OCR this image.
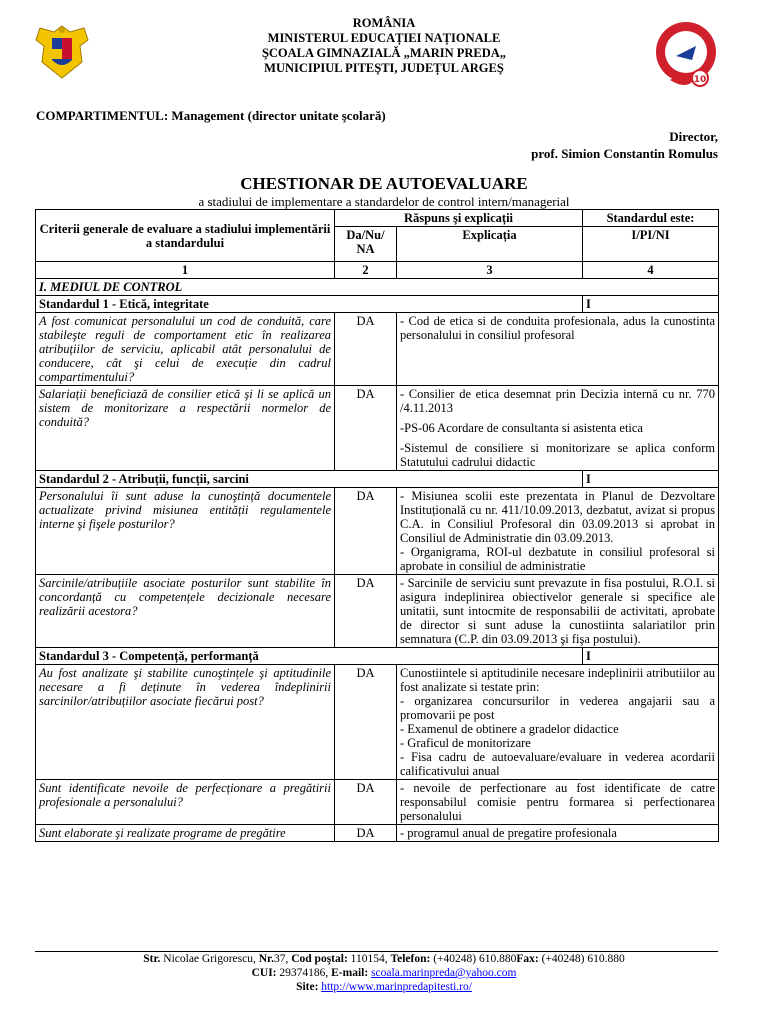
ROMÂNIA
MINISTERUL EDUCAȚIEI NAȚIONALE
ŞCOALA GIMNAZIALĂ „MARIN PREDA„
MUNICIPIUL PITEŞTI, JUDEȚUL ARGEŞ
10
COMPARTIMENTUL: Management (director unitate şcolară)
Director,
prof. Simion Constantin Romulus
CHESTIONAR DE AUTOEVALUARE
a stadiului de implementare a standardelor de control intern/managerial
Criterii generale de evaluare a stadiului implementării a standardului	Răspuns şi explicații		Standardul este:
	Da/Nu/ NA	Explicația	I/PI/NI
1	2	3	4
I. MEDIUL DE CONTROL			
Standardul 1 - Etică, integritate			I
A fost comunicat personalului un cod de conduită, care stabileşte reguli de comportament etic în realizarea atribuțiilor de serviciu, aplicabil atât personalului de conducere, cât şi celui de execuție din cadrul compartimentului?	DA	- Cod de etica si de conduita profesionala, adus la cunostinta personalului in consiliul profesoral	
Salariații beneficiază de consilier etică şi li se aplică un sistem de monitorizare a respectării normelor de conduită?	DA	- Consilier de etica desemnat prin Decizia internă cu nr. 770 /4.11.2013
-PS-06 Acordare de consultanta si asistenta etica
-Sistemul de consiliere si monitorizare se aplica conform Statutului cadrului didactic	

Standardul 2 - Atribuții, funcții, sarcini			I
Personalului îi sunt aduse la cunoştință documentele actualizate privind misiunea entității regulamentele interne şi fişele posturilor?	DA	- Misiunea scolii este prezentata in Planul de Dezvoltare Instituțională cu nr. 411/10.09.2013, dezbatut, avizat si propus C.A. in Consiliul Profesoral din 03.09.2013 si aprobat in Consiliul de Administratie din 03.09.2013.
- Organigrama, ROI-ul dezbatute in consiliul profesoral si aprobate in consiliul de administratie	

Sarcinile/atribuțiile asociate posturilor sunt stabilite în concordanță cu competențele decizionale necesare realizării acestora?	DA	- Sarcinile de serviciu sunt prevazute in fisa postului, R.O.I. si asigura indeplinirea obiectivelor generale si specifice ale unitatii, sunt intocmite de responsabilii de activitati, aprobate de director si sunt aduse la cunostiinta salariatilor prin semnatura (C.P. din 03.09.2013 şi fişa postului).	
Standardul 3 - Competență, performanță			I
Au fost analizate şi stabilite cunoştințele şi aptitudinile necesare a fi deținute în vederea îndeplinirii sarcinilor/atribuțiilor asociate fiecărui post?	DA	Cunostiintele si aptitudinile necesare indeplinirii atributiilor au fost analizate si testate prin:
- organizarea concursurilor in vederea angajarii sau a promovarii pe post
- Examenul de obtinere a gradelor didactice
- Graficul de monitorizare
- Fisa cadru de autoevaluare/evaluare in vederea acordarii calificativului anual	

Sunt identificate nevoile de perfecționare a pregătirii profesionale a personalului?	DA	- nevoile de perfectionare au fost identificate de catre responsabilul comisie pentru formarea si perfectionarea personalului	
Sunt elaborate şi realizate programe de pregătire	DA	- programul anual de pregatire profesionala	
Str. Nicolae Grigorescu, Nr.37, Cod poştal: 110154, Telefon: (+40248) 610.880Fax: (+40248) 610.880
CUI: 29374186, E-mail: scoala.marinpreda@yahoo.com
Site: http://www.marinpredapitesti.ro/
